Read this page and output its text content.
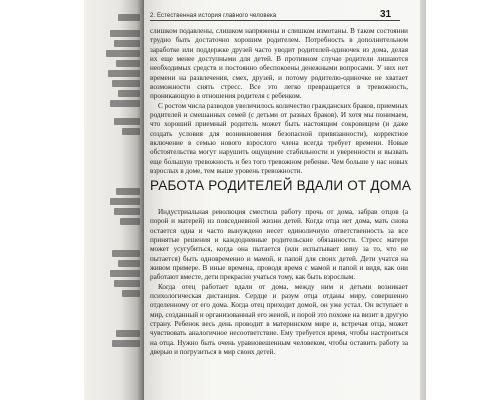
2. Естественная история главного человека	31

слишком подавлены, слишком напряжены и слишком измотаны. В таком состоянии трудно быть достаточно хорошим родителем. Потребность в дополнительном заработке или поддержке друзей часто уводит родителей-одиночек из дома, делая их еще менее доступными для детей. В противном случае родители лишаются необходимых средств и постоянно обеспокоены денежными вопросами. У них нет времени на развлечения, смех, друзей, и потому родителю-одиночке не хватает возможности снять стресс. Все это легко превращается в тревожность, проникающую в отношения родителя с ребенком.

С ростом числа разводов увеличилось количество гражданских браков, приемных родителей и смешанных семей (с детьми от разных браков). И хотя мы понимаем, что хороший приемный родитель может быть настоящим сокровищем (и даже создать условия для возникновения безопасной привязанности), корректное включение в семью нового взрослого члена всегда требует времени. Новые обстоятельства могут нарушить ощущение стабильности и уверенности и вызвать еще бо́льшую тревожность и без того тревожном ребенке. Чем больше у нас новых взрослых в доме, тем выше уровень тревожности.

РАБОТА РОДИТЕЛЕЙ ВДАЛИ ОТ ДОМА

Индустриальная революция сместила работу прочь от дома, забрав отцов (а порой и матерей) из повседневной жизни детей. Когда отца нет дома, мать снова остается одна и часто вынуждено несет единоличную ответственность за все принятые решения и каждодневные родительские обязанности. Стресс матери может усугубиться, когда она пытается (или испытывает вину за то, что не пытается) быть одновременно и мамой, и папой для своих детей. Дети учатся на живом примере. В иные времена, проводя время с мамой и папой и видя, как они работают вместе, дети прекрасно учаться тому, как быть взрослым.

Когда отец работает вдали от дома, между ним и детьми возникает психологическая дистанция. Сердце и разум отца отданы миру, совершенно отделенному от его дома. Когда отец приходит домой, он уже устал. Он вступает в мир, созданный и организованный его женой, и порой это похоже на визит в другую страну. Ребенок весь день проводит в материнском мире и, встречая отца, может чувствовать аналогичное несоответствие. Ему требуется время, чтобы настроиться на отца. Нужно быть очень уравновешенным человеком, чтобы оставить работу за дверью и погрузиться в мир своих детей.
